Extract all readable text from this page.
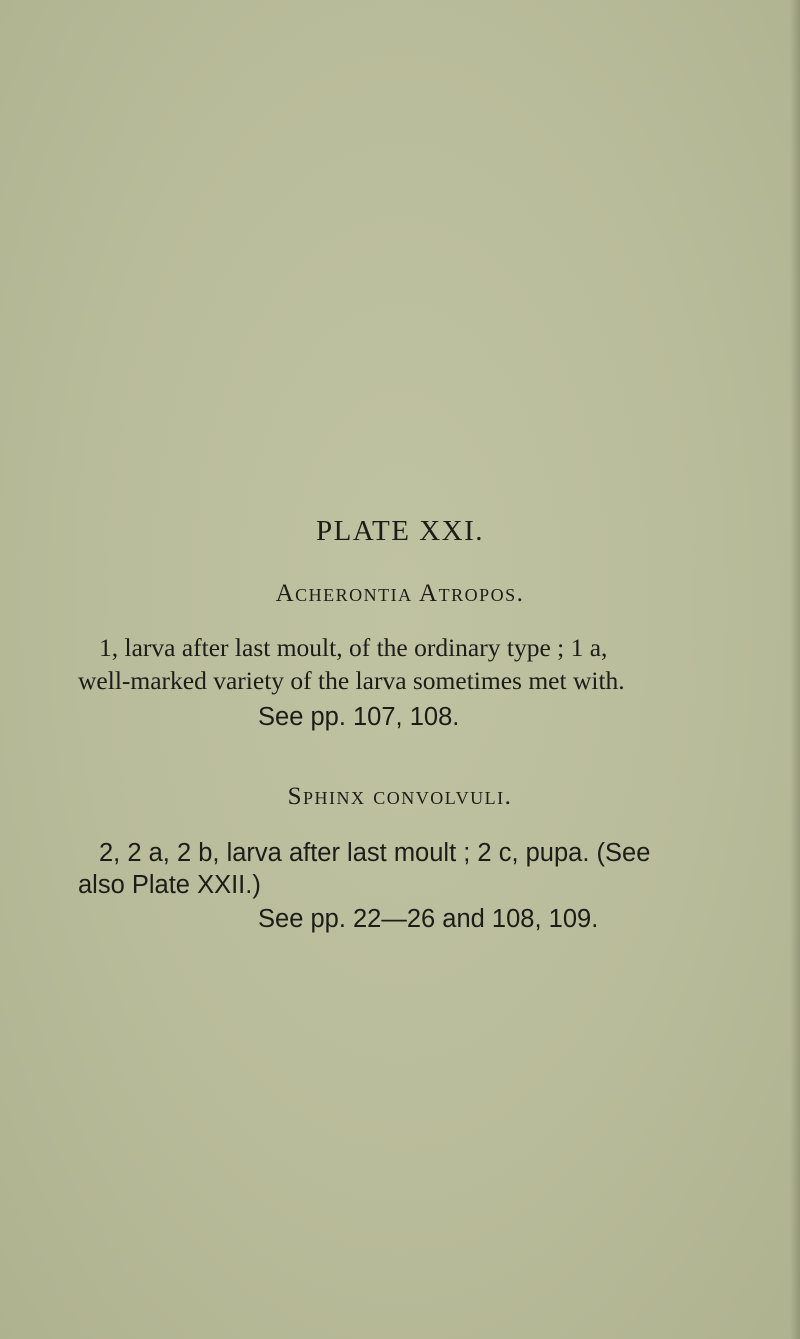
PLATE XXI.
Acherontia Atropos.
1, larva after last moult, of the ordinary type ; 1 a,
well-marked variety of the larva sometimes met with.
See pp. 107, 108.
Sphinx convolvuli.
2, 2 a, 2 b, larva after last moult ; 2 c, pupa. (See
also Plate XXII.)
See pp. 22—26 and 108, 109.
